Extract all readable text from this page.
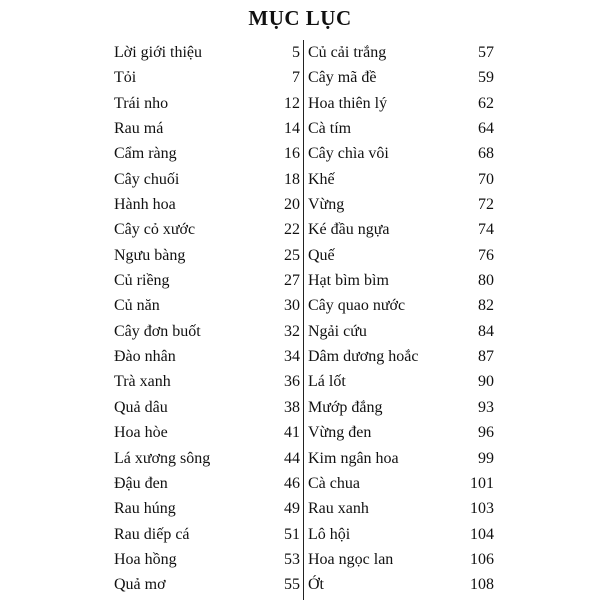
MỤC LỤC
Lời giới thiệu	5
Tỏi	7
Trái nho	12
Rau má	14
Cẩm ràng	16
Cây chuối	18
Hành hoa	20
Cây cỏ xước	22
Ngưu bàng	25
Củ riềng	27
Củ năn	30
Cây đơn buốt	32
Đào nhân	34
Trà xanh	36
Quả dâu	38
Hoa hòe	41
Lá xương sông	44
Đậu đen	46
Rau húng	49
Rau diếp cá	51
Hoa hồng	53
Quả mơ	55
Củ cải trắng	57
Cây mã đề	59
Hoa thiên lý	62
Cà tím	64
Cây chìa vôi	68
Khế	70
Vừng	72
Ké đầu ngựa	74
Quế	76
Hạt bìm bìm	80
Cây quao nước	82
Ngải cứu	84
Dâm dương hoắc	87
Lá lốt	90
Mướp đắng	93
Vừng đen	96
Kim ngân hoa	99
Cà chua	101
Rau xanh	103
Lô hội	104
Hoa ngọc lan	106
Ớt	108
